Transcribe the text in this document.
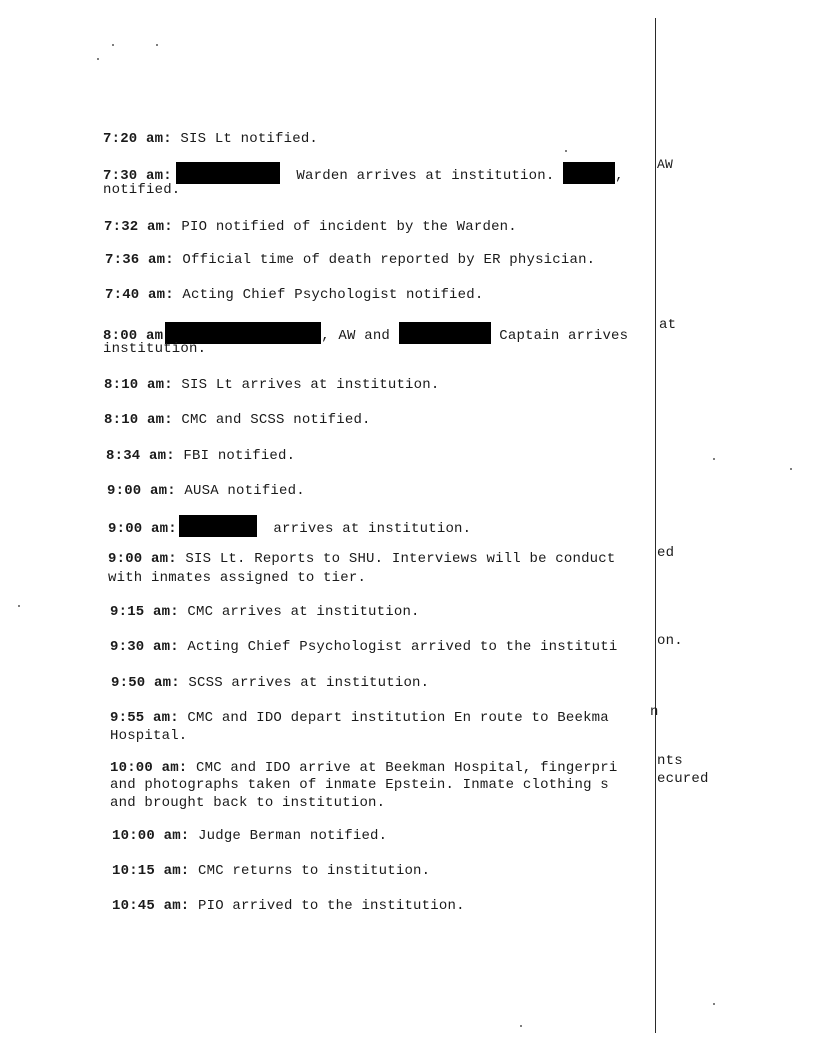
7:20 am: SIS Lt notified.
7:30 am:	Warden arrives at institution.	,
AW
notified.
7:32 am: PIO notified of incident by the Warden.
7:36 am: Official time of death reported by ER physician.
7:40 am: Acting Chief Psychologist notified.
8:00 am	, AW and	Captain arrives
at
institution.
8:10 am: SIS Lt arrives at institution.
8:10 am: CMC and SCSS notified.
8:34 am: FBI notified.
9:00 am: AUSA notified.
9:00 am:	arrives at institution.
9:00 am: SIS Lt. Reports to SHU. Interviews will be conduct	ed
with inmates assigned to tier.
9:15 am: CMC arrives at institution.
9:30 am: Acting Chief Psychologist arrived to the instituti	on.
9:50 am: SCSS arrives at institution.
9:55 am: CMC and IDO depart institution En route to Beekma	n
Hospital.
10:00 am: CMC and IDO arrive at Beekman Hospital, fingerpri	nts
and photographs taken of inmate Epstein. Inmate clothing s	ecured
and brought back to institution.
10:00 am: Judge Berman notified.
10:15 am: CMC returns to institution.
10:45 am: PIO arrived to the institution.
